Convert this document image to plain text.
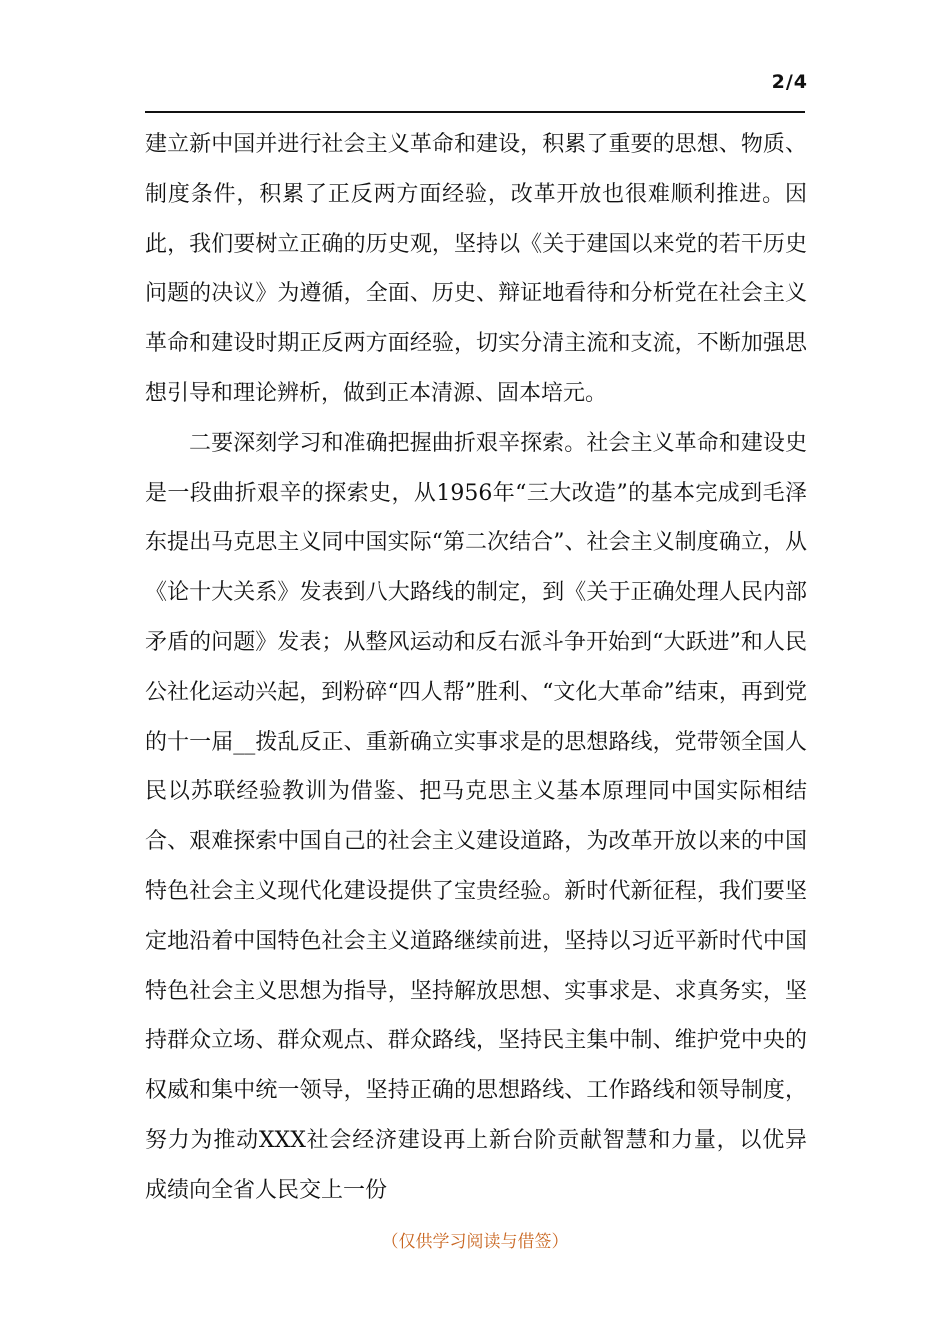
2/4

建立新中国并进行社会主义革命和建设，积累了重要的思想、物质、制度条件，积累了正反两方面经验，改革开放也很难顺利推进。因此，我们要树立正确的历史观，坚持以《关于建国以来党的若干历史问题的决议》为遵循，全面、历史、辩证地看待和分析党在社会主义革命和建设时期正反两方面经验，切实分清主流和支流，不断加强思想引导和理论辨析，做到正本清源、固本培元。

二要深刻学习和准确把握曲折艰辛探索。社会主义革命和建设史是一段曲折艰辛的探索史，从1956年“三大改造”的基本完成到毛泽东提出马克思主义同中国实际“第二次结合”、社会主义制度确立，从《论十大关系》发表到八大路线的制定，到《关于正确处理人民内部矛盾的问题》发表；从整风运动和反右派斗争开始到“大跃进”和人民公社化运动兴起，到粉碎“四人帮”胜利、“文化大革命”结束，再到党的十一届__拨乱反正、重新确立实事求是的思想路线，党带领全国人民以苏联经验教训为借鉴、把马克思主义基本原理同中国实际相结合、艰难探索中国自己的社会主义建设道路，为改革开放以来的中国特色社会主义现代化建设提供了宝贵经验。新时代新征程，我们要坚定地沿着中国特色社会主义道路继续前进，坚持以习近平新时代中国特色社会主义思想为指导，坚持解放思想、实事求是、求真务实，坚持群众立场、群众观点、群众路线，坚持民主集中制、维护党中央的权威和集中统一领导，坚持正确的思想路线、工作路线和领导制度，努力为推动XXX社会经济建设再上新台阶贡献智慧和力量，以优异成绩向全省人民交上一份

（仅供学习阅读与借签）
